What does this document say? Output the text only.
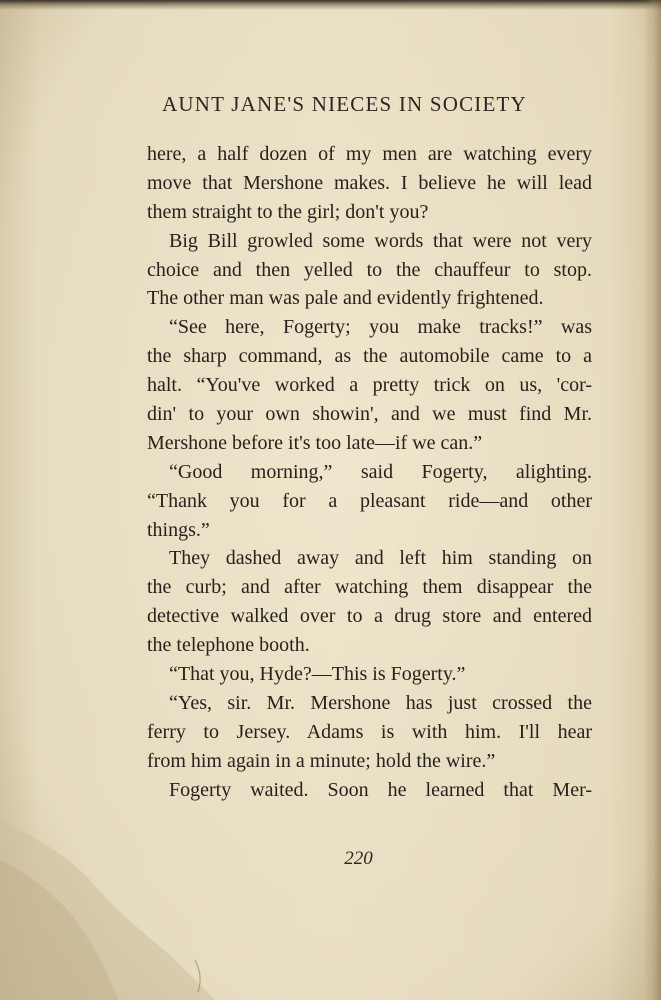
AUNT JANE'S NIECES IN SOCIETY
here, a half dozen of my men are watching every
move that Mershone makes. I believe he will lead
them straight to the girl; don't you?
Big Bill growled some words that were not very
choice and then yelled to the chauffeur to stop.
The other man was pale and evidently frightened.
“See here, Fogerty; you make tracks!” was
the sharp command, as the automobile came to a
halt. “You've worked a pretty trick on us, 'cor-
din' to your own showin', and we must find Mr.
Mershone before it's too late—if we can.”
“Good morning,” said Fogerty, alighting.
“Thank you for a pleasant ride—and other
things.”
They dashed away and left him standing on
the curb; and after watching them disappear the
detective walked over to a drug store and entered
the telephone booth.
“That you, Hyde?—This is Fogerty.”
“Yes, sir. Mr. Mershone has just crossed the
ferry to Jersey. Adams is with him. I'll hear
from him again in a minute; hold the wire.”
Fogerty waited. Soon he learned that Mer-
220
